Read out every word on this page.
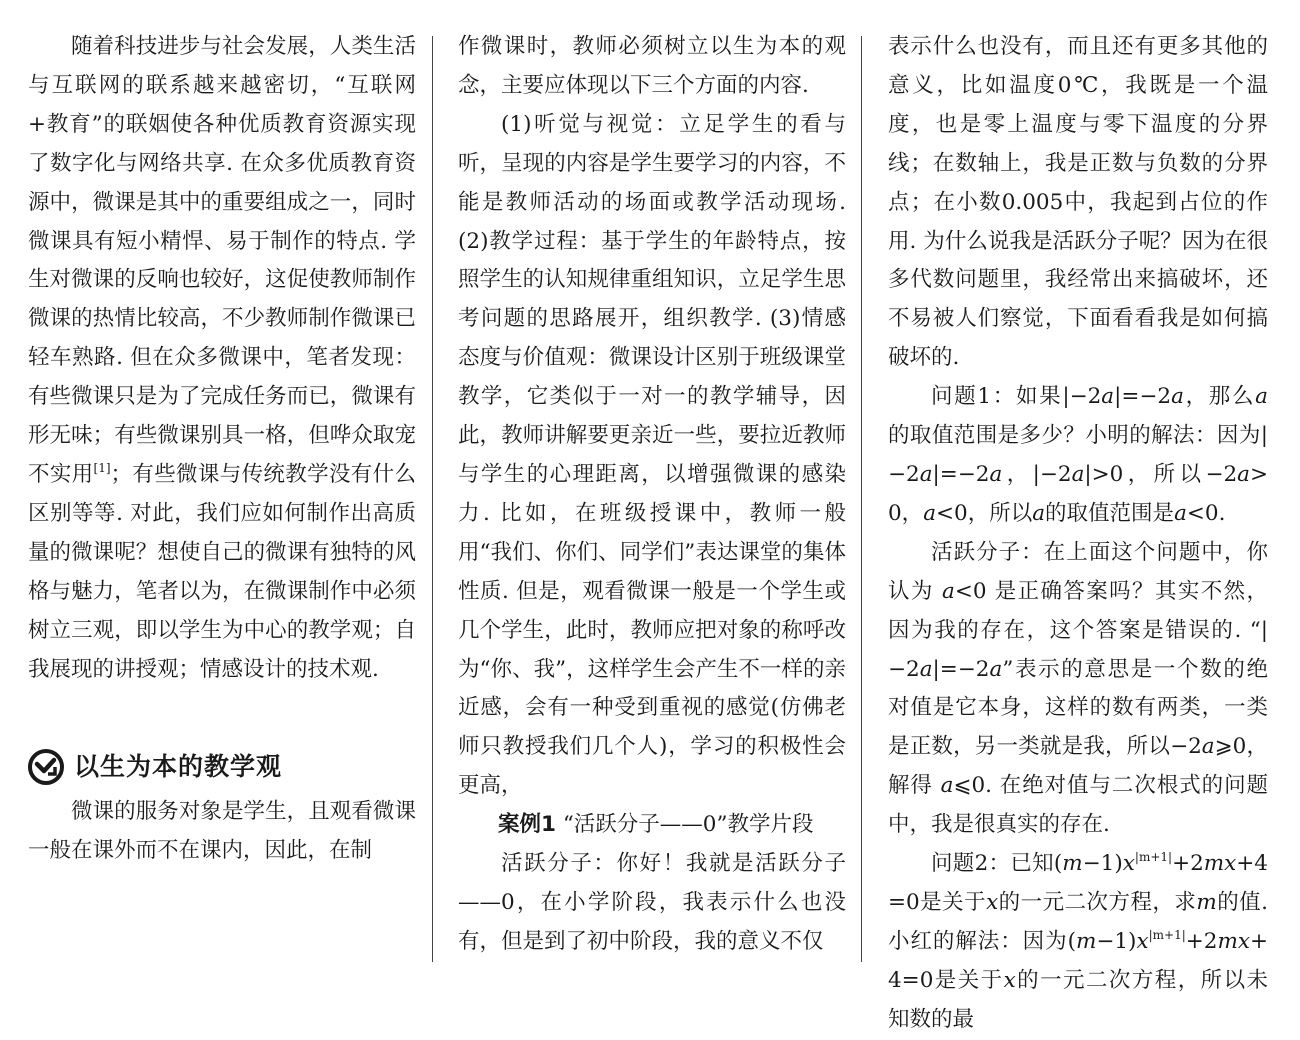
随着科技进步与社会发展，人类生活与互联网的联系越来越密切，“互联网+教育”的联姻使各种优质教育资源实现了数字化与网络共享. 在众多优质教育资源中，微课是其中的重要组成之一，同时微课具有短小精悍、易于制作的特点. 学生对微课的反响也较好，这促使教师制作微课的热情比较高，不少教师制作微课已轻车熟路. 但在众多微课中，笔者发现：有些微课只是为了完成任务而已，微课有形无味；有些微课别具一格，但哗众取宠不实用[1]；有些微课与传统教学没有什么区别等等. 对此，我们应如何制作出高质量的微课呢？想使自己的微课有独特的风格与魅力，笔者以为，在微课制作中必须树立三观，即以学生为中心的教学观；自我展现的讲授观；情感设计的技术观.

以生为本的教学观

微课的服务对象是学生，且观看微课一般在课外而不在课内，因此，在制

作微课时，教师必须树立以生为本的观念，主要应体现以下三个方面的内容.

(1)听觉与视觉：立足学生的看与听，呈现的内容是学生要学习的内容，不能是教师活动的场面或教学活动现场. (2)教学过程：基于学生的年龄特点，按照学生的认知规律重组知识，立足学生思考问题的思路展开，组织教学. (3)情感态度与价值观：微课设计区别于班级课堂教学，它类似于一对一的教学辅导，因此，教师讲解要更亲近一些，要拉近教师与学生的心理距离，以增强微课的感染力. 比如，在班级授课中，教师一般用“我们、你们、同学们”表达课堂的集体性质. 但是，观看微课一般是一个学生或几个学生，此时，教师应把对象的称呼改为“你、我”，这样学生会产生不一样的亲近感，会有一种受到重视的感觉(仿佛老师只教授我们几个人)，学习的积极性会更高，

案例1 “活跃分子——0”教学片段

活跃分子：你好！我就是活跃分子——0，在小学阶段，我表示什么也没有，但是到了初中阶段，我的意义不仅

表示什么也没有，而且还有更多其他的意义，比如温度0℃，我既是一个温度，也是零上温度与零下温度的分界线；在数轴上，我是正数与负数的分界点；在小数0.005中，我起到占位的作用. 为什么说我是活跃分子呢？因为在很多代数问题里，我经常出来搞破坏，还不易被人们察觉，下面看看我是如何搞破坏的.

问题1：如果|−2a|=−2a，那么a的取值范围是多少？小明的解法：因为|−2a|=−2a，|−2a|>0，所以−2a>0，a<0，所以a的取值范围是a<0.

活跃分子：在上面这个问题中，你认为 a<0 是正确答案吗？其实不然，因为我的存在，这个答案是错误的. “|−2a|=−2a”表示的意思是一个数的绝对值是它本身，这样的数有两类，一类是正数，另一类就是我，所以−2a⩾0，解得 a⩽0. 在绝对值与二次根式的问题中，我是很真实的存在.

问题2：已知$(m-1)x^{|m+1|}+2mx+4=0$是关于x的一元二次方程，求m的值. 小红的解法：因为$(m-1)x^{|m+1|}+2mx+4=0$是关于x的一元二次方程，所以未知数的最
